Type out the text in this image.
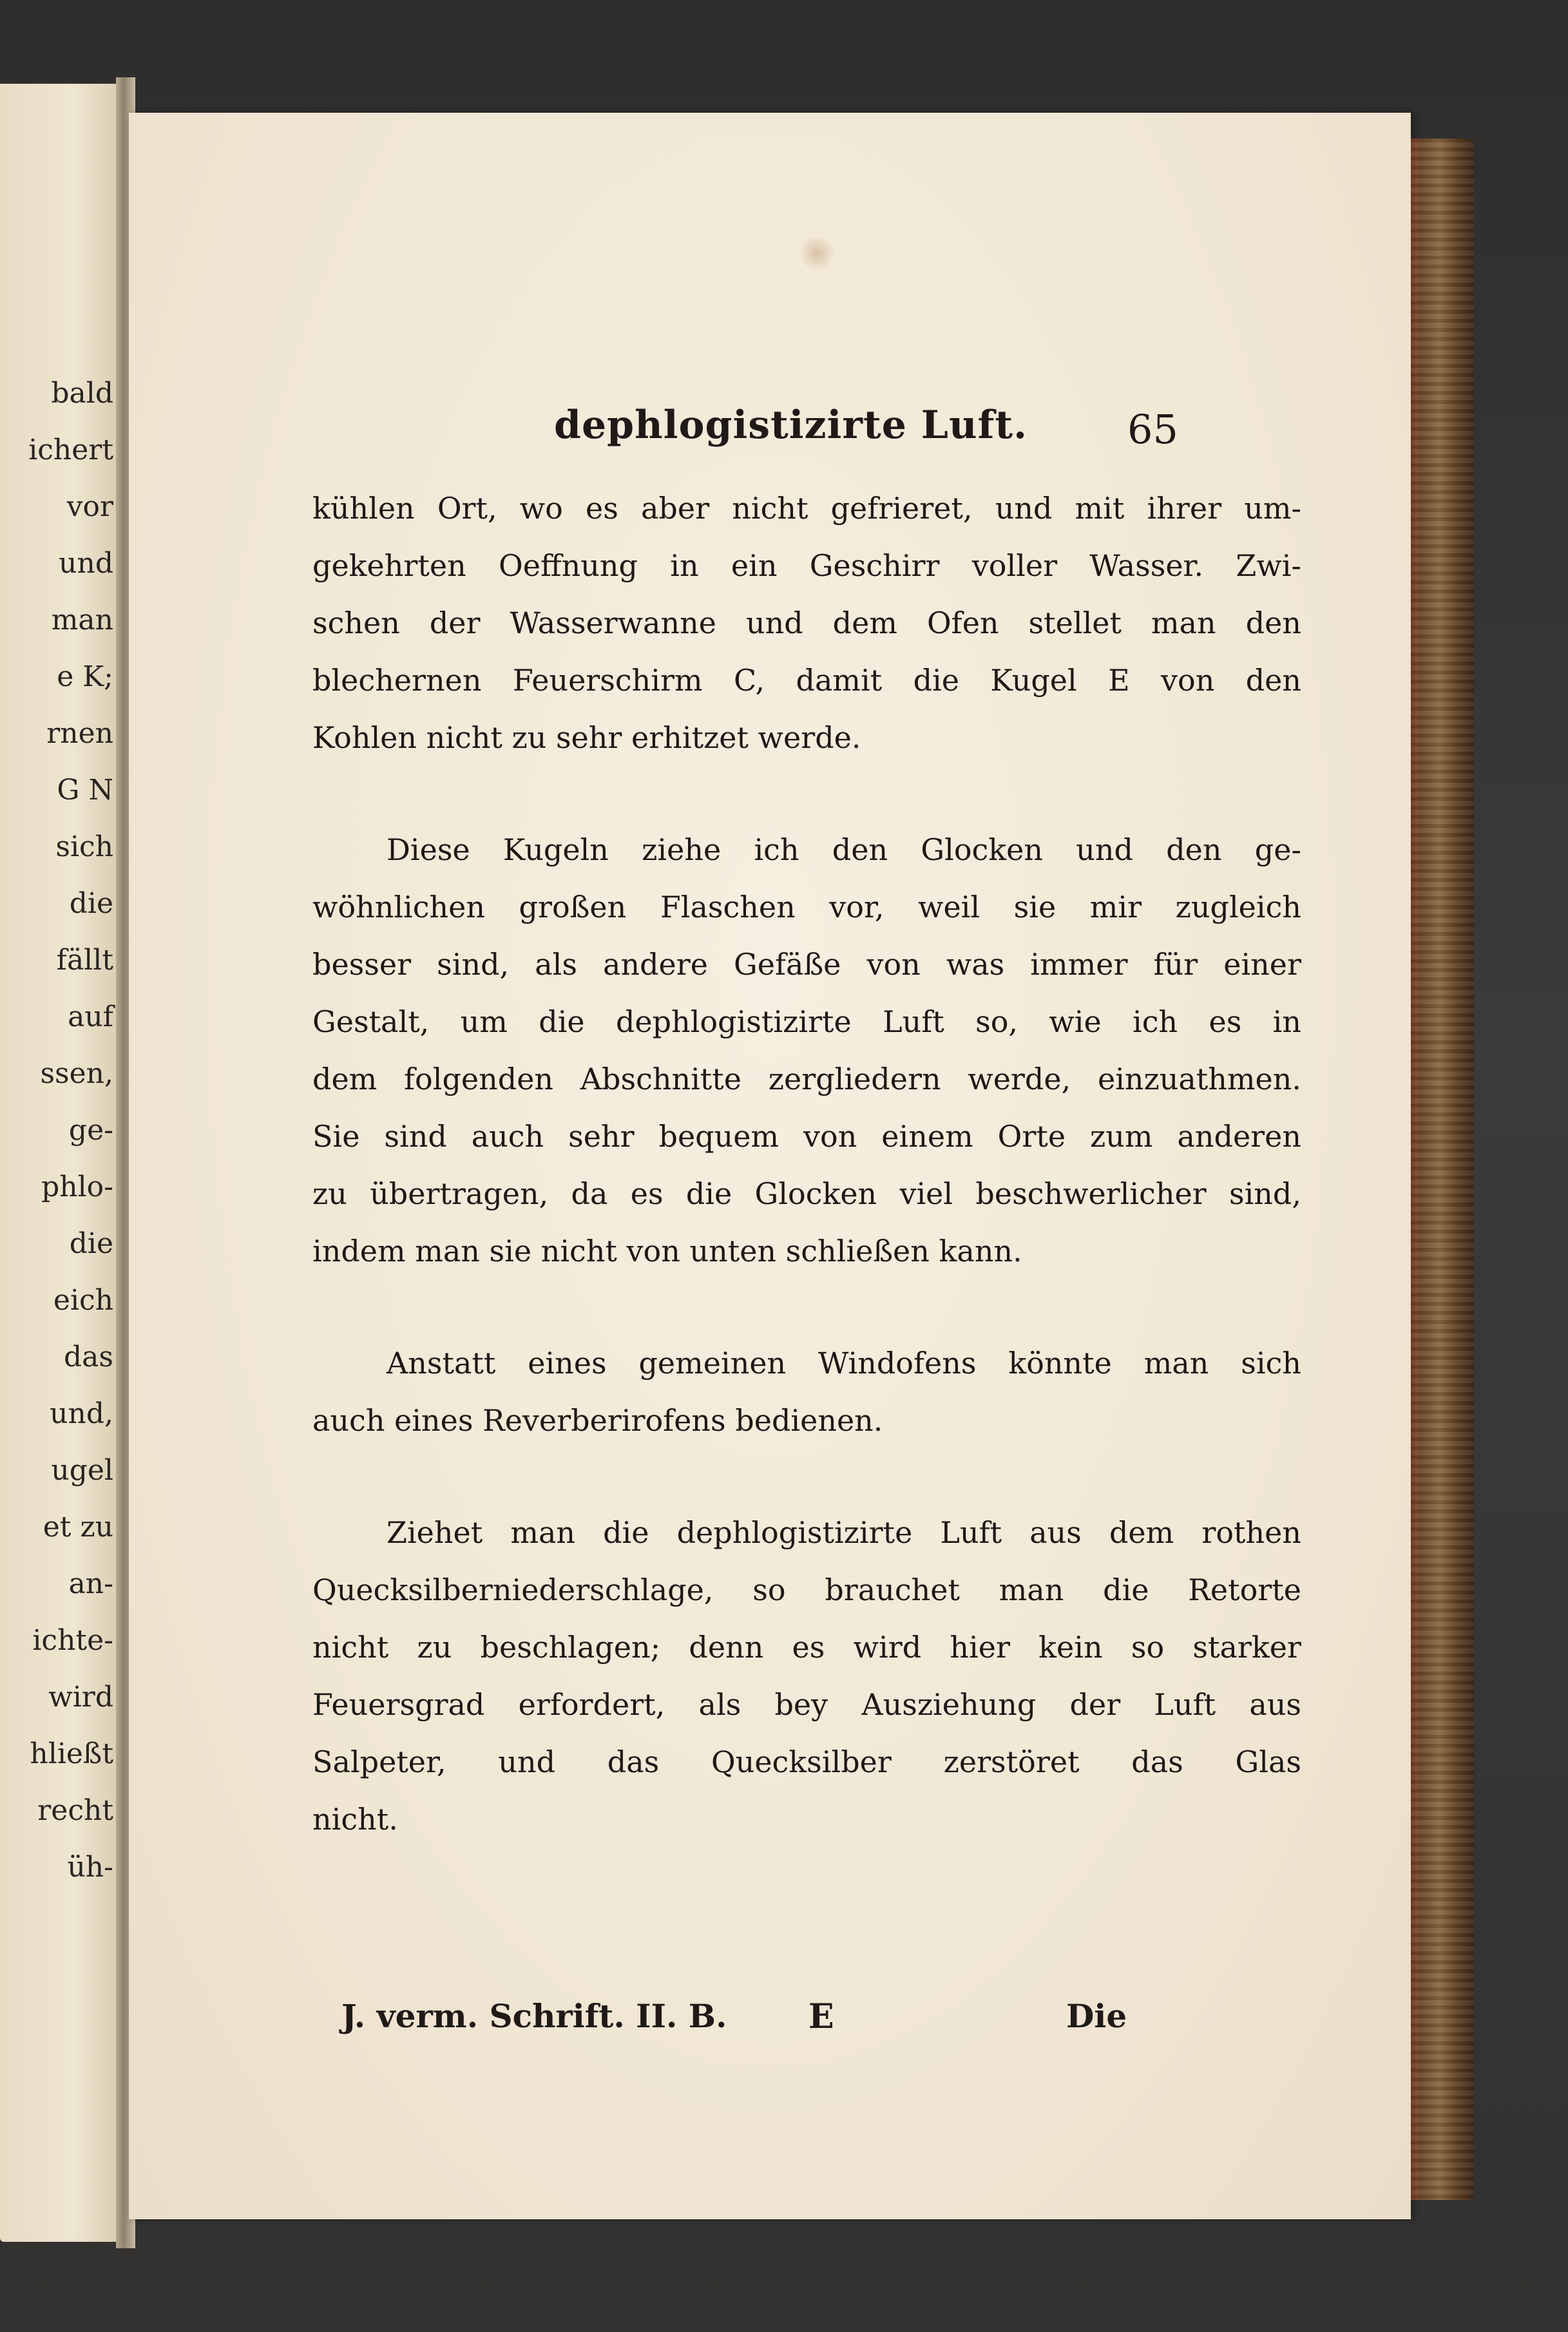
bald
ichert
vor
und
man
e K;
rnen
G N
sich
die
fällt
auf
ssen,
ge-
phlo-
die
eich
das
und,
ugel
et zu
an-
ichte-
wird
hließt
recht
üh-
dephlogistizirte Luft. 65
kühlen Ort, wo es aber nicht gefrieret, und mit ihrer um-
gekehrten Oeffnung in ein Geschirr voller Wasser. Zwi-
schen der Wasserwanne und dem Ofen stellet man den
blechernen Feuerschirm C, damit die Kugel E von den
Kohlen nicht zu sehr erhitzet werde.
Diese Kugeln ziehe ich den Glocken und den ge-
wöhnlichen großen Flaschen vor, weil sie mir zugleich
besser sind, als andere Gefäße von was immer für einer
Gestalt, um die dephlogistizirte Luft so, wie ich es in
dem folgenden Abschnitte zergliedern werde, einzuathmen.
Sie sind auch sehr bequem von einem Orte zum anderen
zu übertragen, da es die Glocken viel beschwerlicher sind,
indem man sie nicht von unten schließen kann.
Anstatt eines gemeinen Windofens könnte man sich
auch eines Reverberirofens bedienen.
Ziehet man die dephlogistizirte Luft aus dem rothen
Quecksilberniederschlage, so brauchet man die Retorte
nicht zu beschlagen; denn es wird hier kein so starker
Feuersgrad erfordert, als bey Ausziehung der Luft aus
Salpeter, und das Quecksilber zerstöret das Glas
nicht.
J. verm. Schrift. II. B. E	Die
